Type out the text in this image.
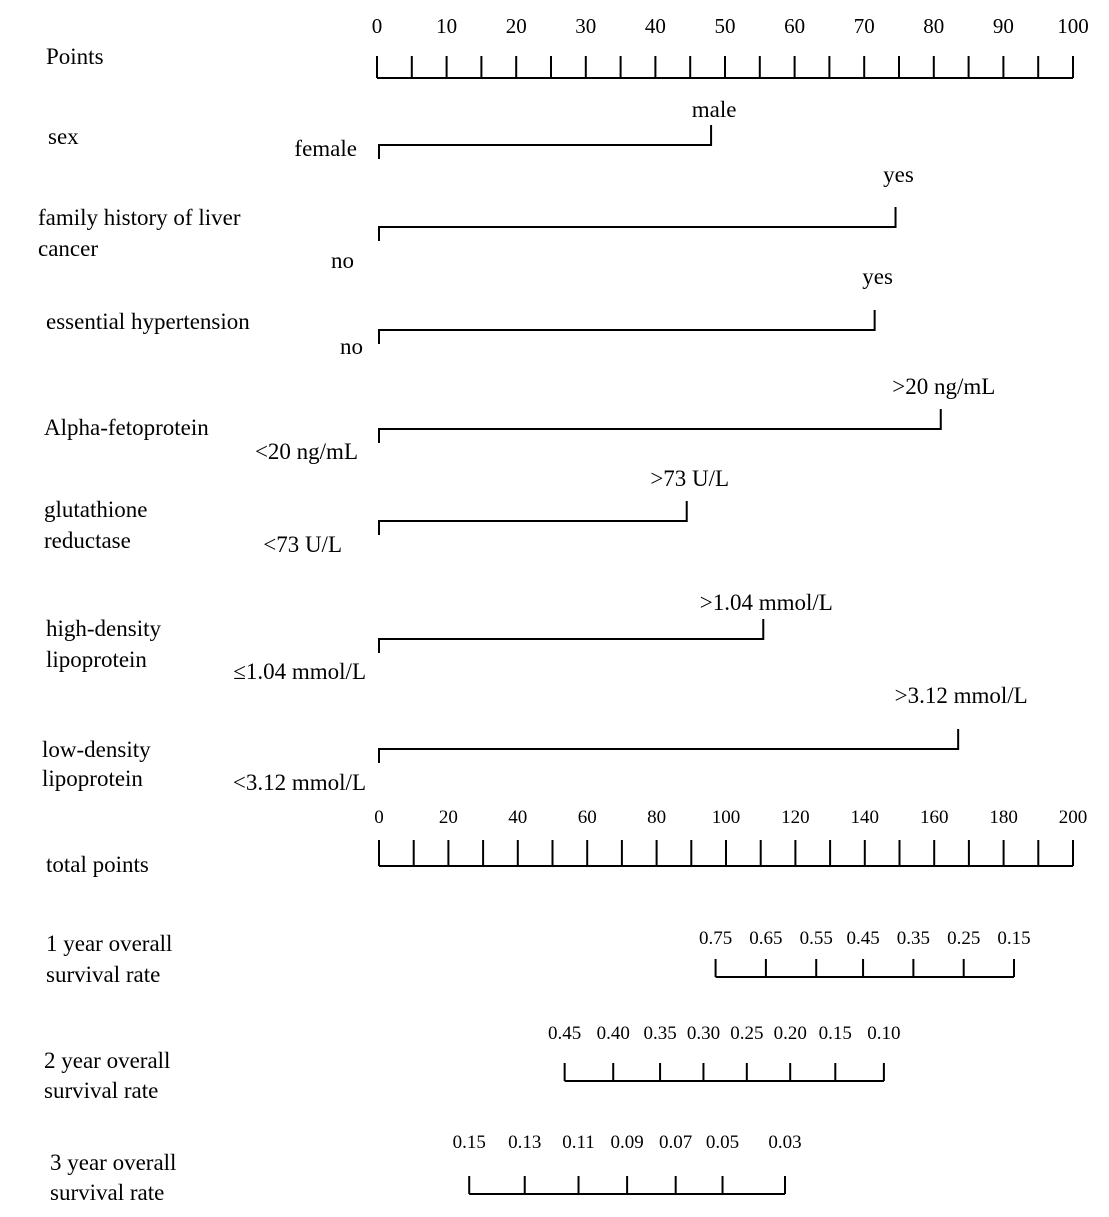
Points
0	10 20 30 40 50 60 70 80 90 100
sex	female
male
family history of liver
cancer	no
yes
essential hypertension
no
yes
Alpha-fetoprotein
<20 ng/mL
>20 ng/mL
glutathione
reductase	<73 U/L
>73 U/L
high-density
lipoprotein	≤1.04 mmol/L
>1.04 mmol/L
low-density
lipoprotein	<3.12 mmol/L
>3.12 mmol/L
total points
0	20	40	60	80 100 120 140 160 180 200
1 year overall
survival rate
0.75 0.65 0.55 0.45 0.35 0.25 0.15
2 year overall
survival rate
0.45 0.40 0.35 0.30 0.25 0.20 0.15 0.10
3 year overall
survival rate
0.15 0.13 0.11 0.09 0.07 0.05 0.03
